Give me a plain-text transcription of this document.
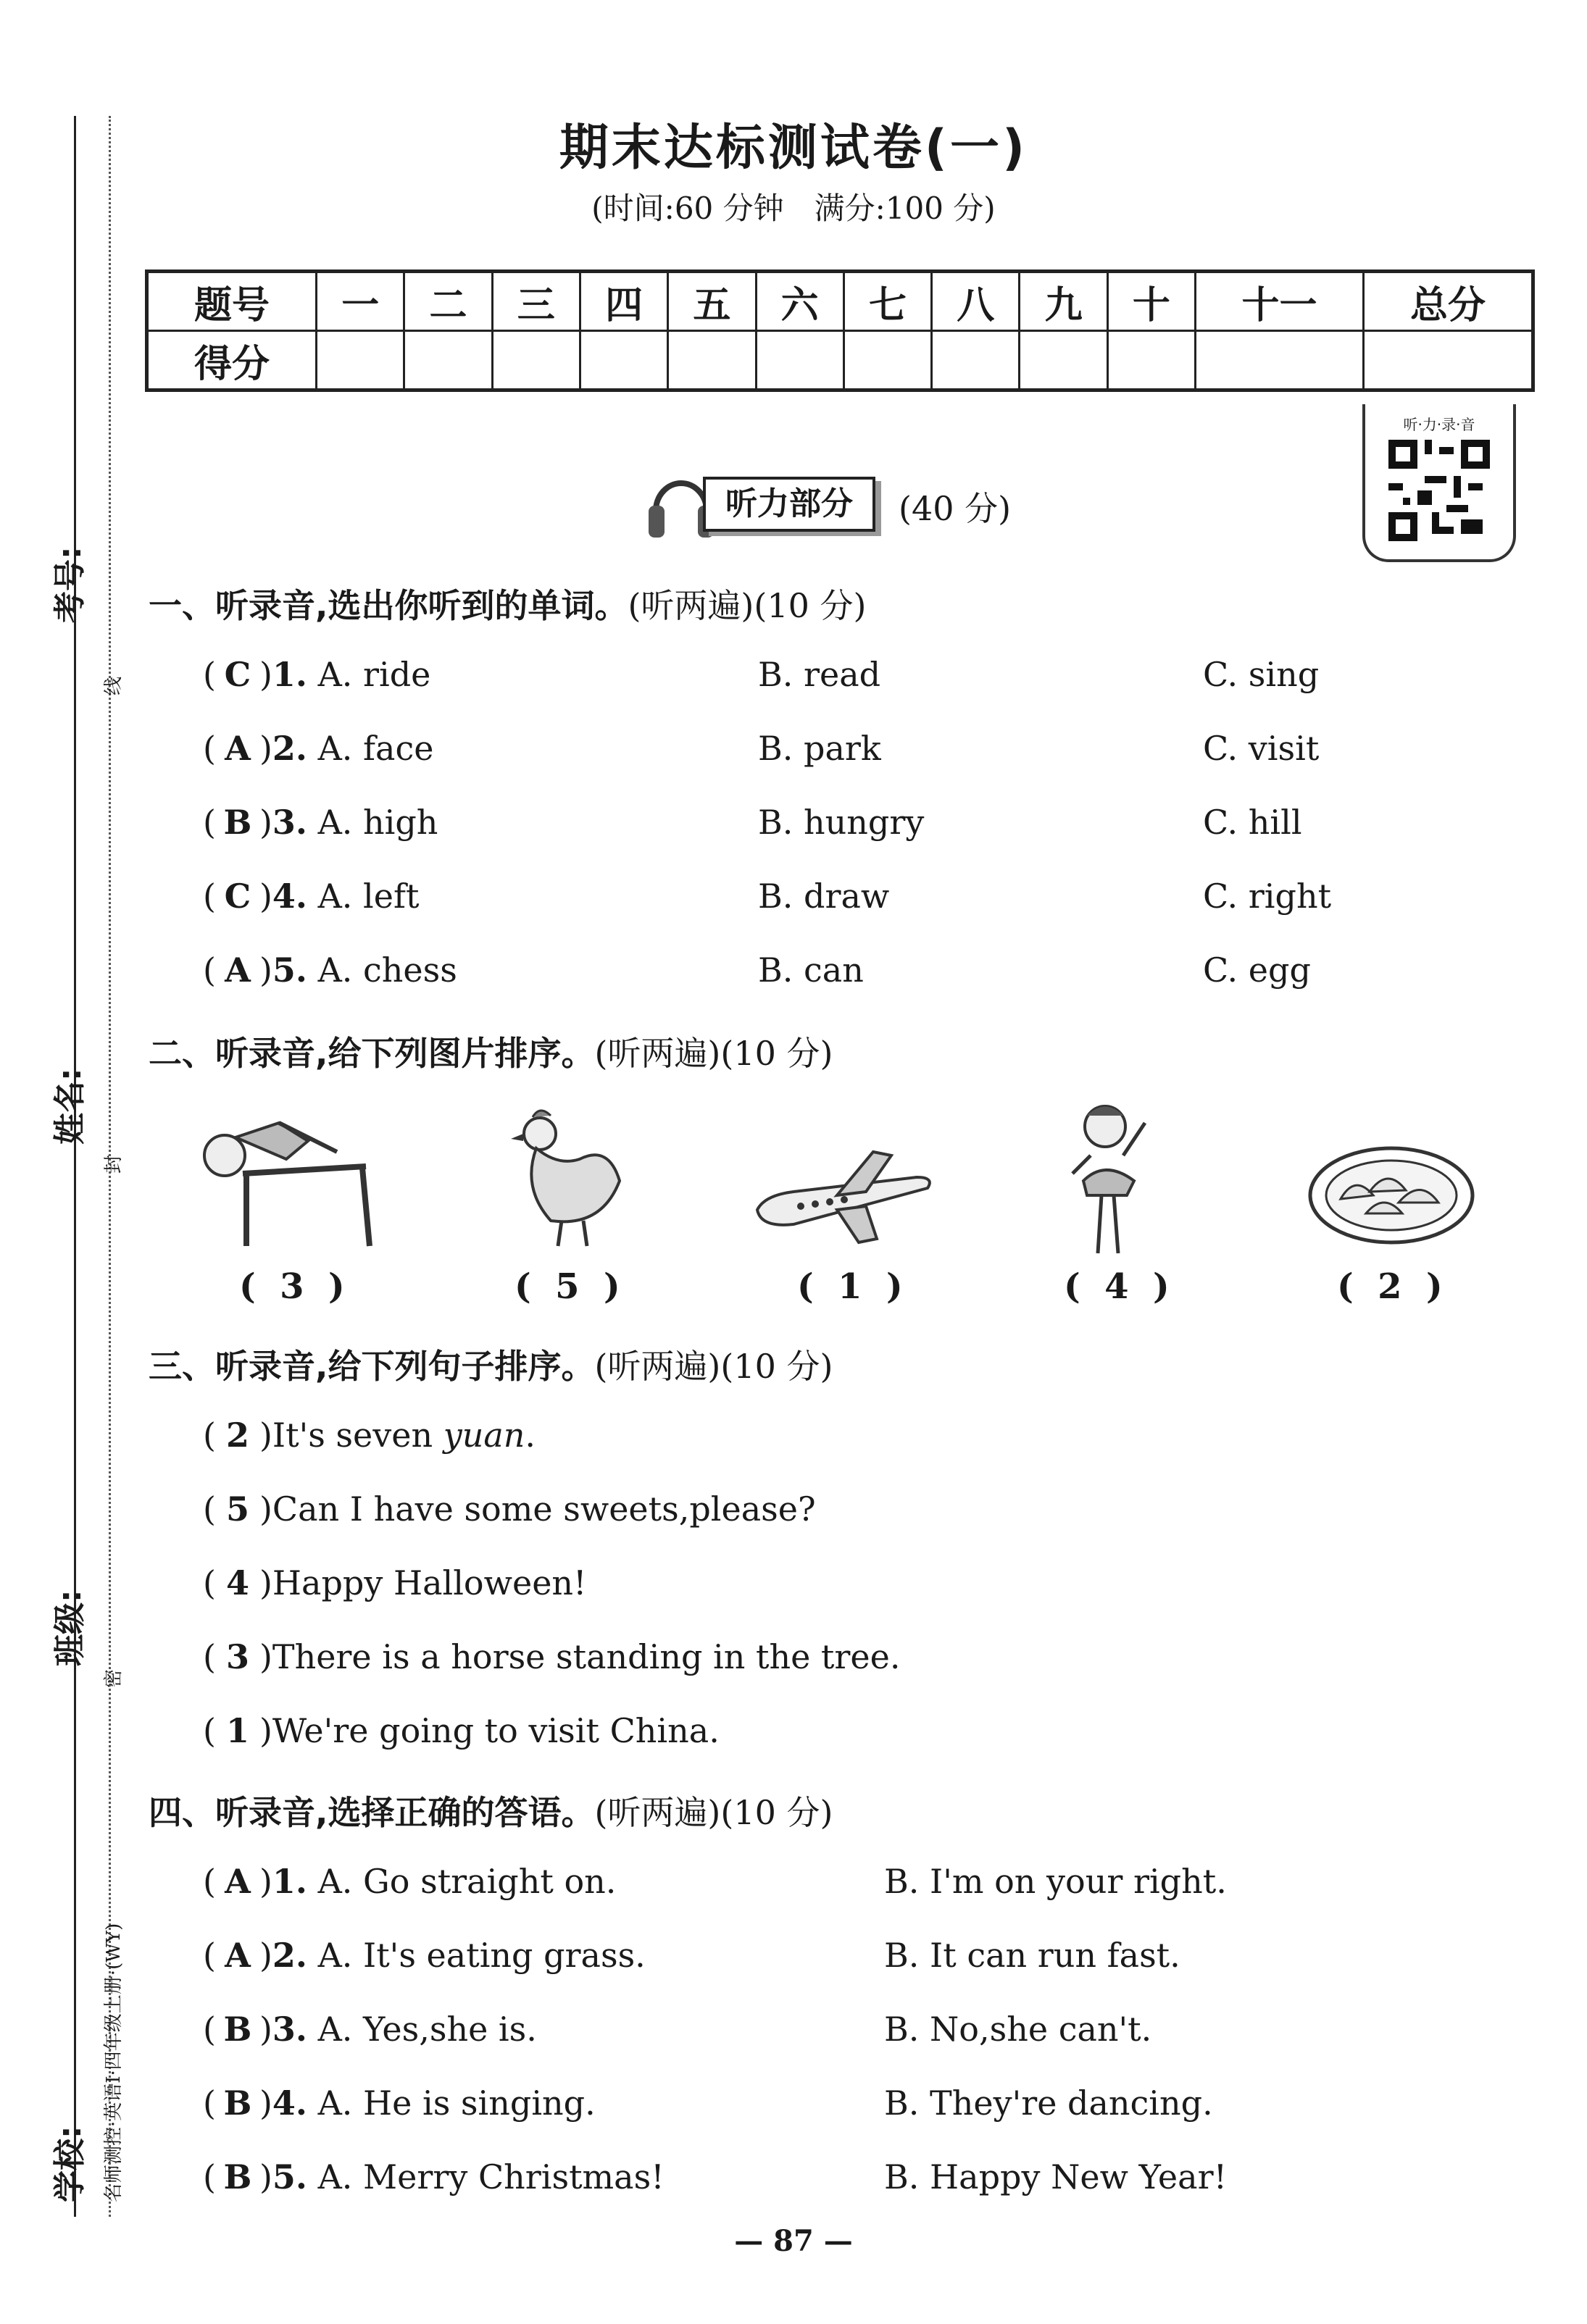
考号:
姓名:
班级:
学校:
线
封
密
名师测控·英语Ⅰ·四年级上册·(WY)
期末达标测试卷(一)
(时间:60 分钟　满分:100 分)
题号	一	二	三	四	五	六	七	八	九	十	十一	总分
得分												
听·力·录·音
听力部分	(40 分)
一、听录音,选出你听到的单词。(听两遍)(10 分)
( C )1. A. ride	B. read	C. sing
( A )2. A. face	B. park	C. visit
( B )3. A. high	B. hungry	C. hill
( C )4. A. left	B. draw	C. right
( A )5. A. chess	B. can	C. egg
二、听录音,给下列图片排序。(听两遍)(10 分)
(  3  )	(  5  )	(  1  )	(  4  )	(  2  )
三、听录音,给下列句子排序。(听两遍)(10 分)
( 2 )It's seven yuan.
( 5 )Can I have some sweets,please?
( 4 )Happy Halloween!
( 3 )There is a horse standing in the tree.
( 1 )We're going to visit China.
四、听录音,选择正确的答语。(听两遍)(10 分)
( A )1. A. Go straight on.	B. I'm on your right.
( A )2. A. It's eating grass.	B. It can run fast.
( B )3. A. Yes,she is.	B. No,she can't.
( B )4. A. He is singing.	B. They're dancing.
( B )5. A. Merry Christmas!	B. Happy New Year!
— 87 —
